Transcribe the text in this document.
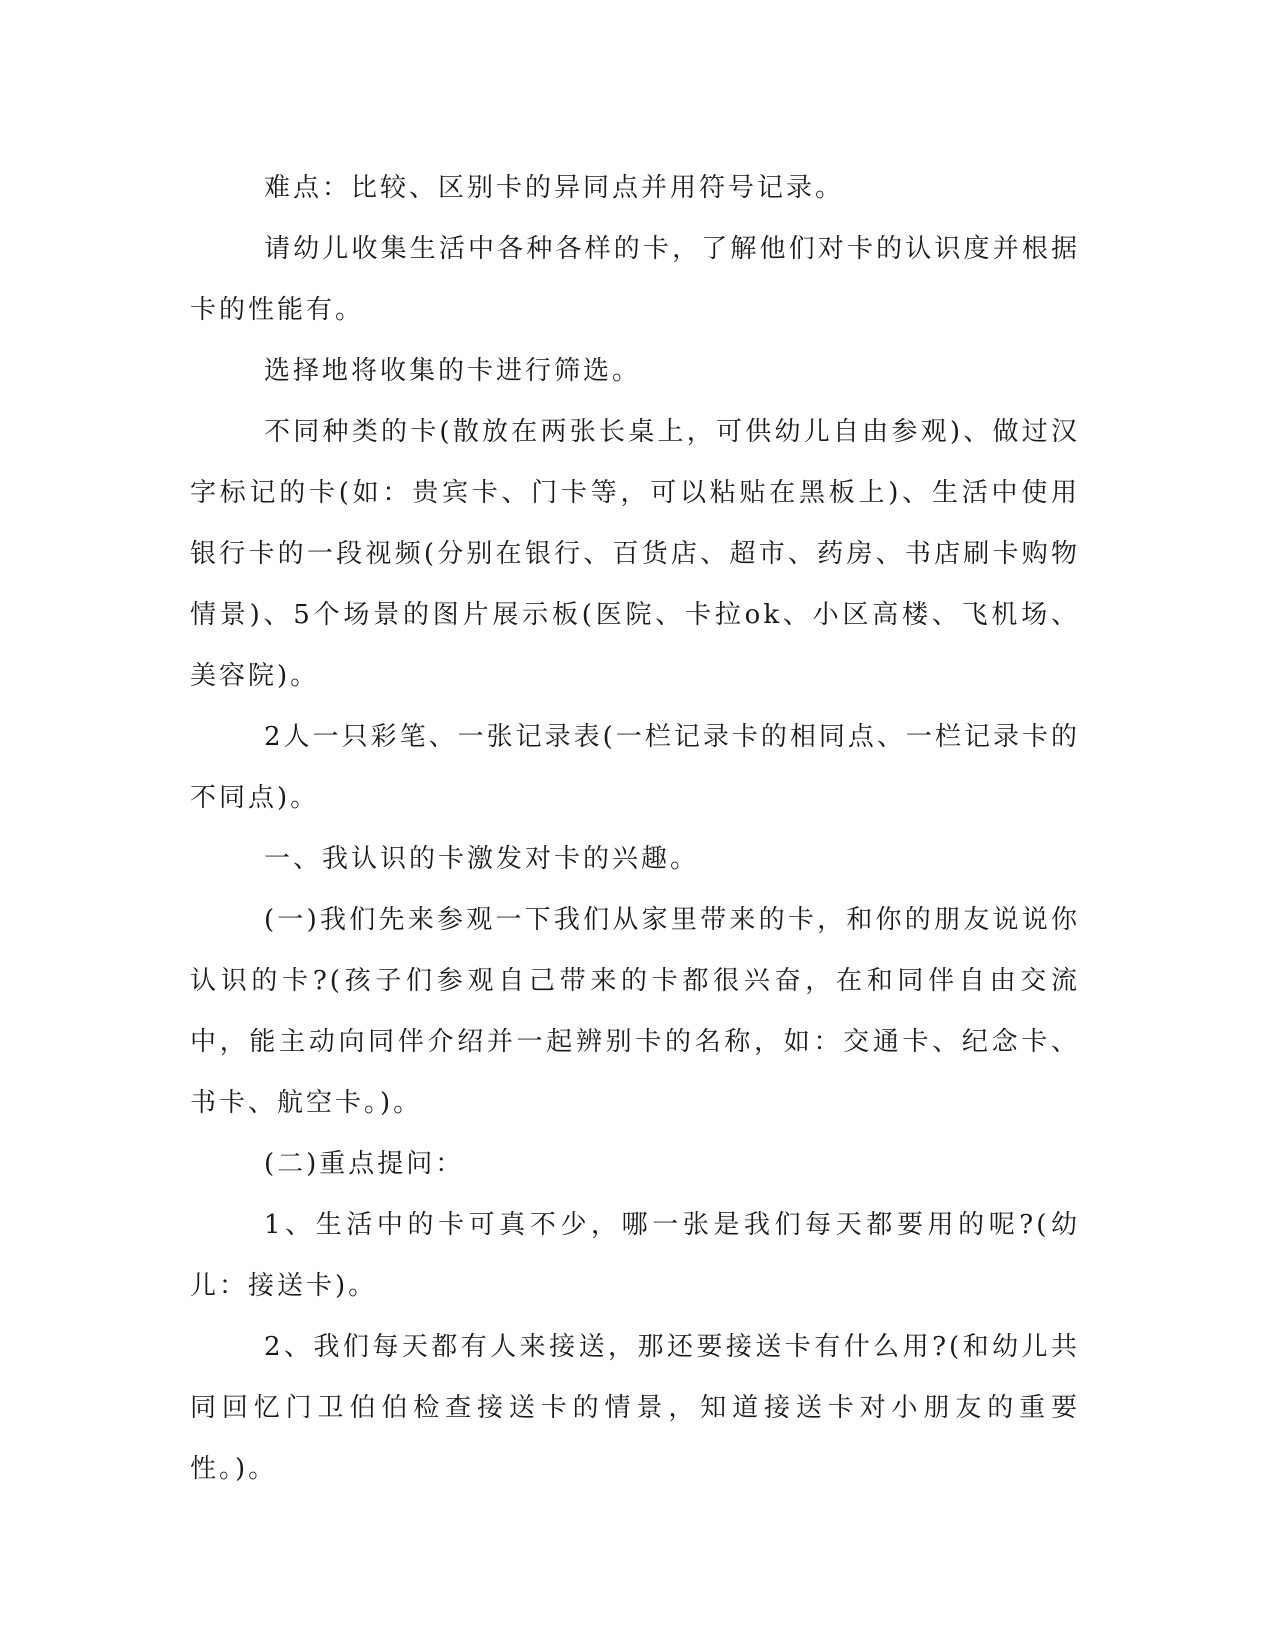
难点：比较、区别卡的异同点并用符号记录。

请幼儿收集生活中各种各样的卡，了解他们对卡的认识度并根据卡的性能有。

选择地将收集的卡进行筛选。

不同种类的卡(散放在两张长桌上，可供幼儿自由参观)、做过汉字标记的卡(如：贵宾卡、门卡等，可以粘贴在黑板上)、生活中使用银行卡的一段视频(分别在银行、百货店、超市、药房、书店刷卡购物情景)、5个场景的图片展示板(医院、卡拉ok、小区高楼、飞机场、美容院)。

2人一只彩笔、一张记录表(一栏记录卡的相同点、一栏记录卡的不同点)。

一、我认识的卡激发对卡的兴趣。

(一)我们先来参观一下我们从家里带来的卡，和你的朋友说说你认识的卡?(孩子们参观自己带来的卡都很兴奋，在和同伴自由交流中，能主动向同伴介绍并一起辨别卡的名称，如：交通卡、纪念卡、书卡、航空卡。)。

(二)重点提问：

1、生活中的卡可真不少，哪一张是我们每天都要用的呢?(幼儿：接送卡)。

2、我们每天都有人来接送，那还要接送卡有什么用?(和幼儿共同回忆门卫伯伯检查接送卡的情景，知道接送卡对小朋友的重要性。)。
